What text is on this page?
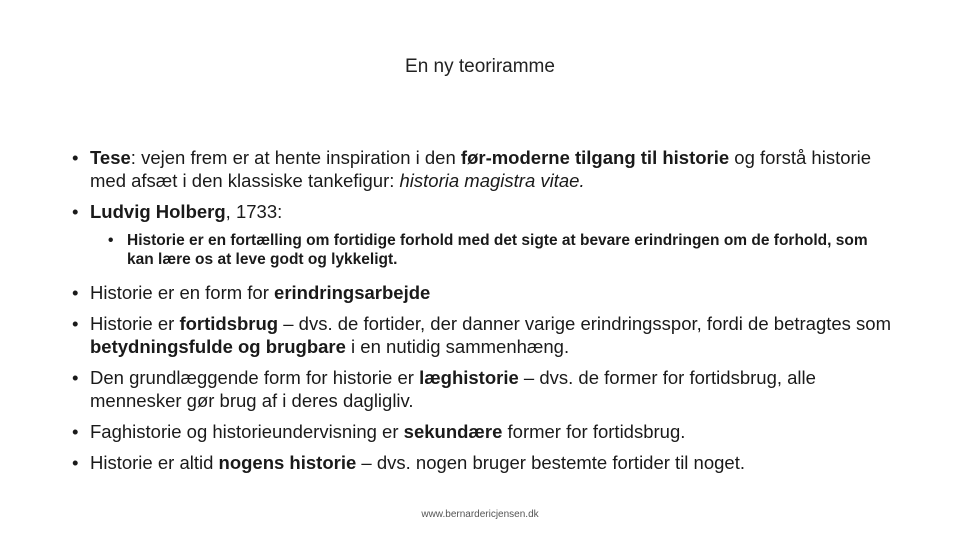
En ny teoriramme
• Tese: vejen frem er at hente inspiration i den før-moderne tilgang til historie og forstå historie med afsæt i den klassiske tankefigur: historia magistra vitae.
• Ludvig Holberg, 1733:
• Historie er en fortælling om fortidige forhold med det sigte at bevare erindringen om de forhold, som kan lære os at leve godt og lykkeligt.
• Historie er en form for erindringsarbejde
• Historie er fortidsbrug – dvs. de fortider, der danner varige erindringsspor, fordi de betragtes som betydningsfulde og brugbare i en nutidig sammenhæng.
• Den grundlæggende form for historie er læghistorie – dvs. de former for fortidsbrug, alle mennesker gør brug af i deres dagligliv.
• Faghistorie og historieundervisning er sekundære former for fortidsbrug.
• Historie er altid nogens historie – dvs. nogen bruger bestemte fortider til noget.
www.bernardericjensen.dk
